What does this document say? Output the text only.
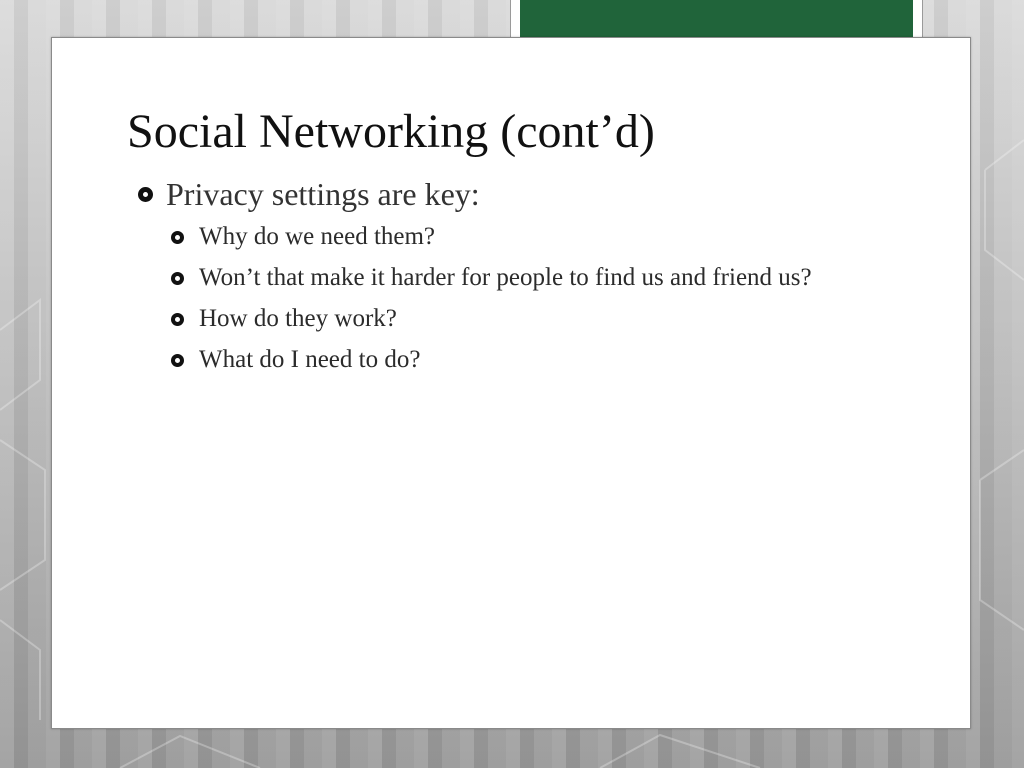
Social Networking (cont’d)
Privacy settings are key:
Why do we need them?
Won’t that make it harder for people to find us and friend us?
How do they work?
What do I need to do?
